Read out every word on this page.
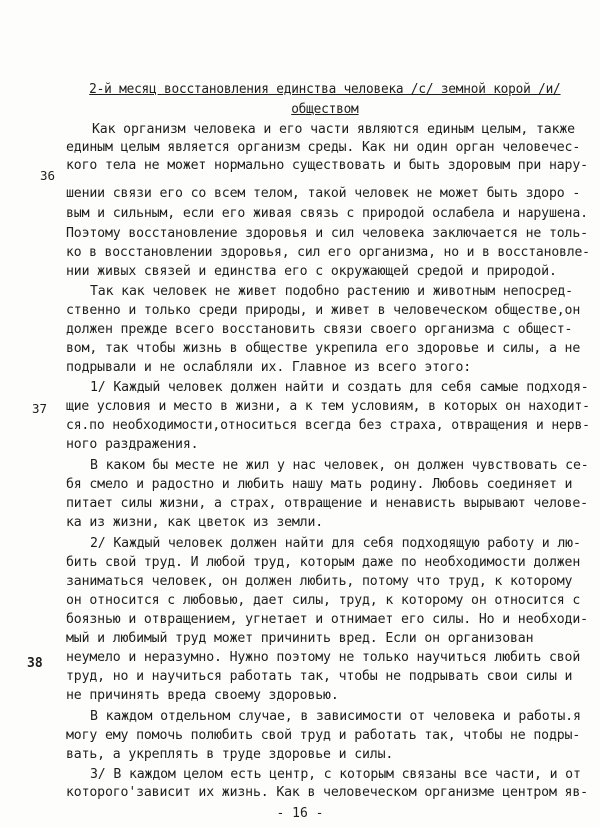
2-й месяц восстановления единства человека /с/ земной корой /и/
обществом
36
37
38
Как организм человека и его части являются единым целым, также
единым целым является организм среды. Как ни один орган человечес-
кого тела не может нормально существовать и быть здоровым при нару-
шении связи его со всем телом, такой человек не может быть здоро -
вым и сильным, если его живая связь с природой ослабела и нарушена.
Поэтому восстановление здоровья и сил человека заключается не толь-
ко в восстановлении здоровья, сил его организма, но и в восстановле-
нии живых связей и единства его с окружающей средой и природой.
Так как человек не живет подобно растению и животным непосред-
ственно и только среди природы, и живет в человеческом обществе,он
должен прежде всего восстановить связи своего организма с общест-
вом, так чтобы жизнь в обществе укрепила его здоровье и силы, а не
подрывали и не ослабляли их. Главное из всего этого:
1/ Каждый человек должен найти и создать для себя самые подходя-
щие условия и место в жизни, а к тем условиям, в которых он находит-
ся.по необходимости,относиться всегда без страха, отвращения и нерв-
ного раздражения.
В каком бы месте не жил у нас человек, он должен чувствовать се-
бя смело и радостно и любить нашу мать родину. Любовь соединяет и
питает силы жизни, а страх, отвращение и ненависть вырывают челове-
ка из жизни, как цветок из земли.
2/ Каждый человек должен найти для себя подходящую работу и лю-
бить свой труд. И любой труд, которым даже по необходимости должен
заниматься человек, он должен любить, потому что труд, к которому
он относится с любовью, дает силы, труд, к которому он относится с
боязнью и отвращением, угнетает и отнимает его силы. Но и необходи-
мый и любимый труд может причинить вред. Если он организован
неумело и неразумно. Нужно поэтому не только научиться любить свой
труд, но и научиться работать так, чтобы не подрывать свои силы и
не причинять вреда своему здоровью.
В каждом отдельном случае, в зависимости от человека и работы.я
могу ему помочь полюбить свой труд и работать так, чтобы не подры-
вать, а укреплять в труде здоровье и силы.
3/ В каждом целом есть центр, с которым связаны все части, и от
которого'зависит их жизнь. Как в человеческом организме центром яв-
- 16 -
